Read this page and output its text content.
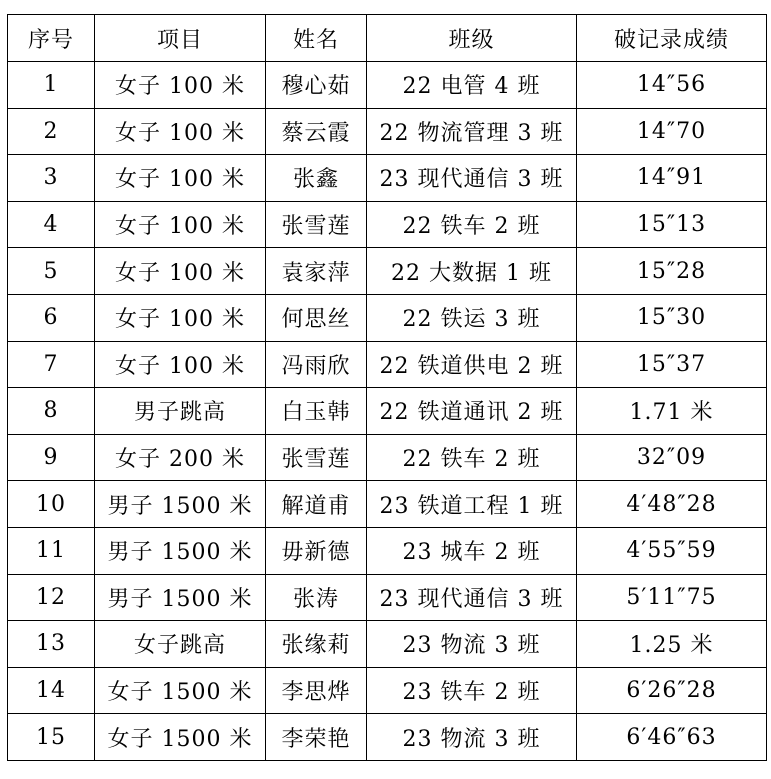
序号	项目	姓名	班级	破记录成绩
1	女子 100 米	穆心茹	22 电管 4 班	14″56
2	女子 100 米	蔡云霞	22 物流管理 3 班	14″70
3	女子 100 米	张鑫	23 现代通信 3 班	14″91
4	女子 100 米	张雪莲	22 铁车 2 班	15″13
5	女子 100 米	袁家萍	22 大数据 1 班	15″28
6	女子 100 米	何思丝	22 铁运 3 班	15″30
7	女子 100 米	冯雨欣	22 铁道供电 2 班	15″37
8	男子跳高	白玉韩	22 铁道通讯 2 班	1.71 米
9	女子 200 米	张雪莲	22 铁车 2 班	32″09
10	男子 1500 米	解道甫	23 铁道工程 1 班	4′48″28
11	男子 1500 米	毋新德	23 城车 2 班	4′55″59
12	男子 1500 米	张涛	23 现代通信 3 班	5′11″75
13	女子跳高	张缘莉	23 物流 3 班	1.25 米
14	女子 1500 米	李思烨	23 铁车 2 班	6′26″28
15	女子 1500 米	李荣艳	23 物流 3 班	6′46″63
